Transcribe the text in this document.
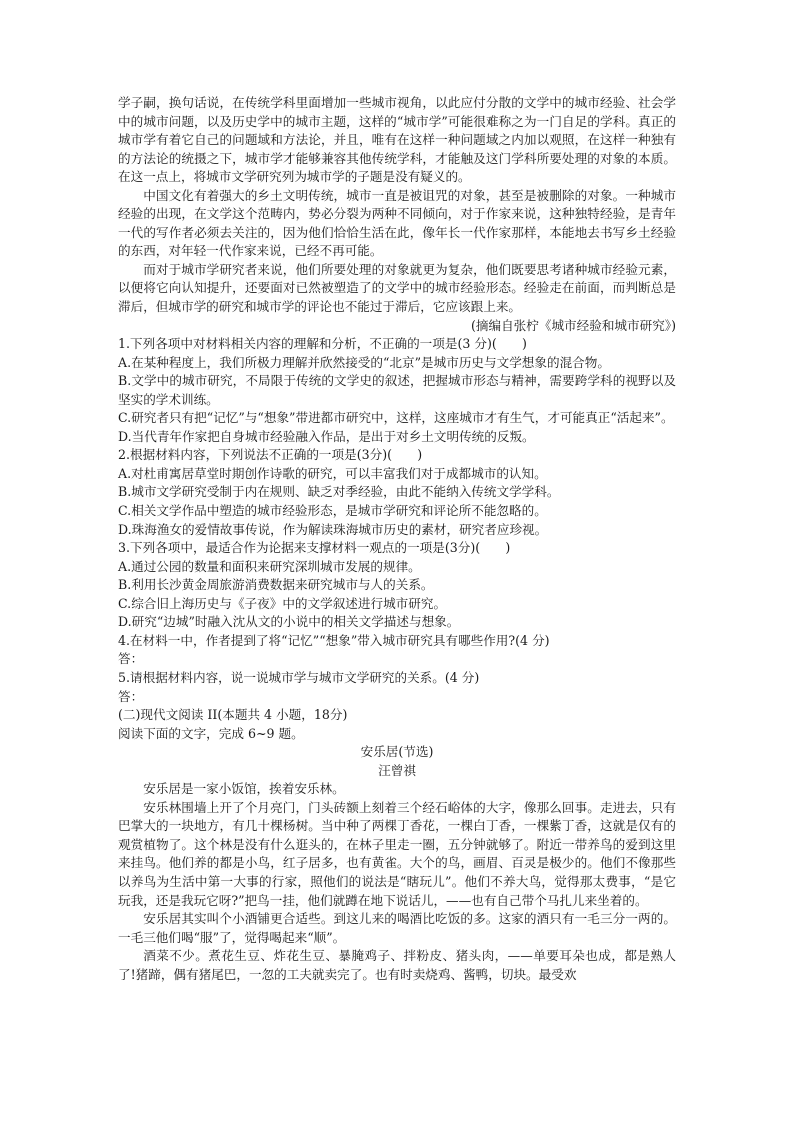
学子嗣，换句话说，在传统学科里面增加一些城市视角，以此应付分散的文学中的城市经验、社会学中的城市问题，以及历史学中的城市主题，这样的“城市学”可能很难称之为一门自足的学科。真正的城市学有着它自己的问题域和方法论，并且，唯有在这样一种问题域之内加以观照，在这样一种独有的方法论的统摄之下，城市学才能够兼容其他传统学科，才能触及这门学科所要处理的对象的本质。在这一点上，将城市文学研究列为城市学的子题是没有疑义的。

中国文化有着强大的乡土文明传统，城市一直是被诅咒的对象，甚至是被删除的对象。一种城市经验的出现，在文学这个范畴内，势必分裂为两种不同倾向，对于作家来说，这种独特经验，是青年一代的写作者必须去关注的，因为他们恰恰生活在此，像年长一代作家那样，本能地去书写乡土经验的东西，对年轻一代作家来说，已经不再可能。

而对于城市学研究者来说，他们所要处理的对象就更为复杂，他们既要思考诸种城市经验元素，以便将它向认知提升，还要面对已然被塑造了的文学中的城市经验形态。经验走在前面，而判断总是滞后，但城市学的研究和城市学的评论也不能过于滞后，它应该跟上来。

(摘编自张柠《城市经验和城市研究》)

1.下列各项中对材料相关内容的理解和分析，不正确的一项是(3 分)(　　)

A.在某种程度上，我们所极力理解并欣然接受的“北京”是城市历史与文学想象的混合物。

B.文学中的城市研究，不局限于传统的文学史的叙述，把握城市形态与精神，需要跨学科的视野以及坚实的学术训练。

C.研究者只有把“记忆”与“想象”带进都市研究中，这样，这座城市才有生气，才可能真正“活起来”。

D.当代青年作家把自身城市经验融入作品，是出于对乡土文明传统的反叛。

2.根据材料内容，下列说法不正确的一项是(3分)(　　)

A.对杜甫寓居草堂时期创作诗歌的研究，可以丰富我们对于成都城市的认知。

B.城市文学研究受制于内在规则、缺乏对季经验，由此不能纳入传统文学学科。

C.相关文学作品中塑造的城市经验形态，是城市学研究和评论所不能忽略的。

D.珠海渔女的爱情故事传说，作为解读珠海城市历史的素材，研究者应珍视。

3.下列各项中，最适合作为论据来支撑材料一观点的一项是(3分)(　　)

A.通过公园的数量和面积来研究深圳城市发展的规律。

B.利用长沙黄金周旅游消费数据来研究城市与人的关系。

C.综合旧上海历史与《子夜》中的文学叙述进行城市研究。

D.研究“边城”时融入沈从文的小说中的相关文学描述与想象。

4.在材料一中，作者提到了将“记忆”“想象”带入城市研究具有哪些作用?(4 分)

答：

5.请根据材料内容，说一说城市学与城市文学研究的关系。(4 分)

答：

(二)现代文阅读 II(本题共 4 小题，18分)

阅读下面的文字，完成 6~9 题。

安乐居(节选)

汪曾祺

安乐居是一家小饭馆，挨着安乐林。

安乐林围墙上开了个月亮门，门头砖额上刻着三个经石峪体的大字，像那么回事。走进去，只有巴掌大的一块地方，有几十棵杨树。当中种了两棵丁香花，一棵白丁香，一棵紫丁香，这就是仅有的观赏植物了。这个林是没有什么逛头的，在林子里走一圈，五分钟就够了。附近一带养鸟的爱到这里来挂鸟。他们养的都是小鸟，红子居多，也有黄雀。大个的鸟，画眉、百灵是极少的。他们不像那些以养鸟为生活中第一大事的行家，照他们的说法是“瞎玩儿”。他们不养大鸟，觉得那太费事，“是它玩我，还是我玩它呀?”把鸟一挂，他们就蹲在地下说话儿，——也有自己带个马扎儿来坐着的。

安乐居其实叫个小酒铺更合适些。到这儿来的喝酒比吃饭的多。这家的酒只有一毛三分一两的。一毛三他们喝“服”了，觉得喝起来“顺”。

酒菜不少。煮花生豆、炸花生豆、暴腌鸡子、拌粉皮、猪头肉，——单要耳朵也成，都是熟人了!猪蹄，偶有猪尾巴，一忽的工夫就卖完了。也有时卖烧鸡、酱鸭，切块。最受欢
